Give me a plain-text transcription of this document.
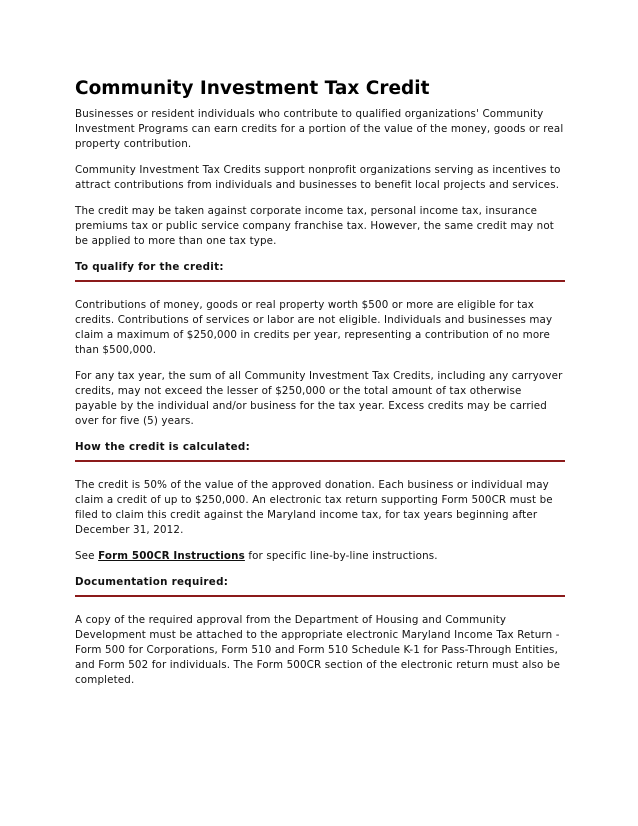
Community Investment Tax Credit

Businesses or resident individuals who contribute to qualified organizations' Community Investment Programs can earn credits for a portion of the value of the money, goods or real property contribution.

Community Investment Tax Credits support nonprofit organizations serving as incentives to attract contributions from individuals and businesses to benefit local projects and services.

The credit may be taken against corporate income tax, personal income tax, insurance premiums tax or public service company franchise tax. However, the same credit may not be applied to more than one tax type.

To qualify for the credit:

Contributions of money, goods or real property worth $500 or more are eligible for tax credits. Contributions of services or labor are not eligible. Individuals and businesses may claim a maximum of $250,000 in credits per year, representing a contribution of no more than $500,000.

For any tax year, the sum of all Community Investment Tax Credits, including any carryover credits, may not exceed the lesser of $250,000 or the total amount of tax otherwise payable by the individual and/or business for the tax year. Excess credits may be carried over for five (5) years.

How the credit is calculated:

The credit is 50% of the value of the approved donation. Each business or individual may claim a credit of up to $250,000. An electronic tax return supporting Form 500CR must be filed to claim this credit against the Maryland income tax, for tax years beginning after December 31, 2012.

See Form 500CR Instructions for specific line-by-line instructions.

Documentation required:

A copy of the required approval from the Department of Housing and Community Development must be attached to the appropriate electronic Maryland Income Tax Return - Form 500 for Corporations, Form 510 and Form 510 Schedule K-1 for Pass-Through Entities, and Form 502 for individuals. The Form 500CR section of the electronic return must also be completed.
